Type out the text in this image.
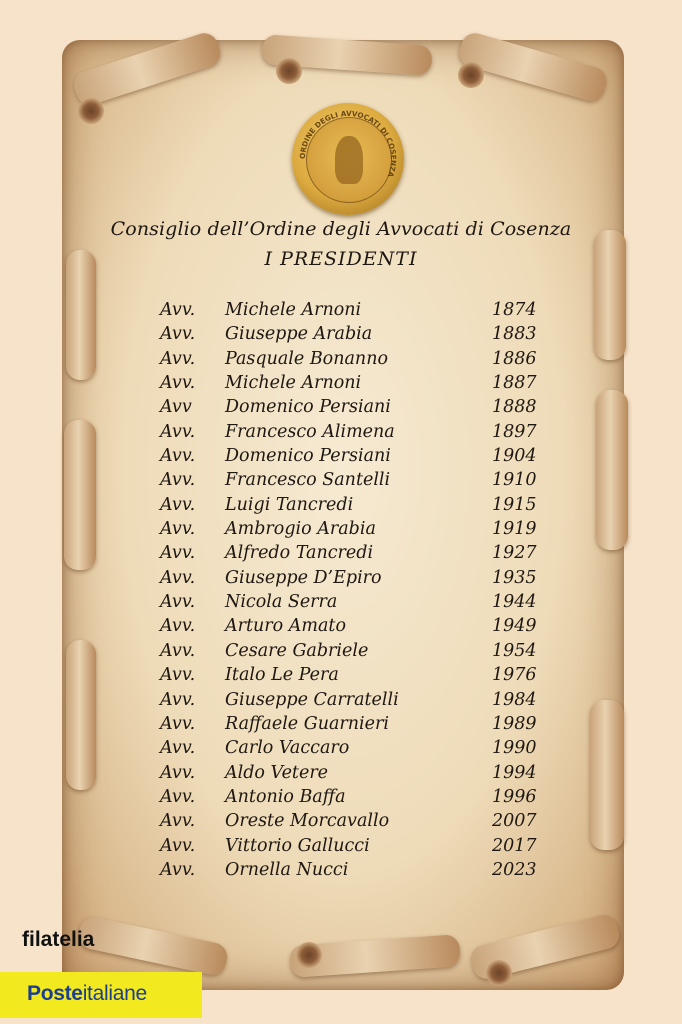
ORDINE DEGLI AVVOCATI DI COSENZA
Consiglio dell’Ordine degli Avvocati di Cosenza
I PRESIDENTI
Avv. Michele Arnoni	1874
Avv. Giuseppe Arabia	1883
Avv. Pasquale Bonanno	1886
Avv. Michele Arnoni	1887
Avv Domenico Persiani	1888
Avv. Francesco Alimena	1897
Avv. Domenico Persiani	1904
Avv. Francesco Santelli	1910
Avv. Luigi Tancredi	1915
Avv. Ambrogio Arabia	1919
Avv. Alfredo Tancredi	1927
Avv. Giuseppe D’Epiro	1935
Avv. Nicola Serra	1944
Avv. Arturo Amato	1949
Avv. Cesare Gabriele	1954
Avv. Italo Le Pera	1976
Avv. Giuseppe Carratelli	1984
Avv. Raffaele Guarnieri	1989
Avv. Carlo Vaccaro	1990
Avv. Aldo Vetere	1994
Avv. Antonio Baffa	1996
Avv. Oreste Morcavallo	2007
Avv. Vittorio Gallucci	2017
Avv. Ornella Nucci	2023
filatelia
Posteitaliane
